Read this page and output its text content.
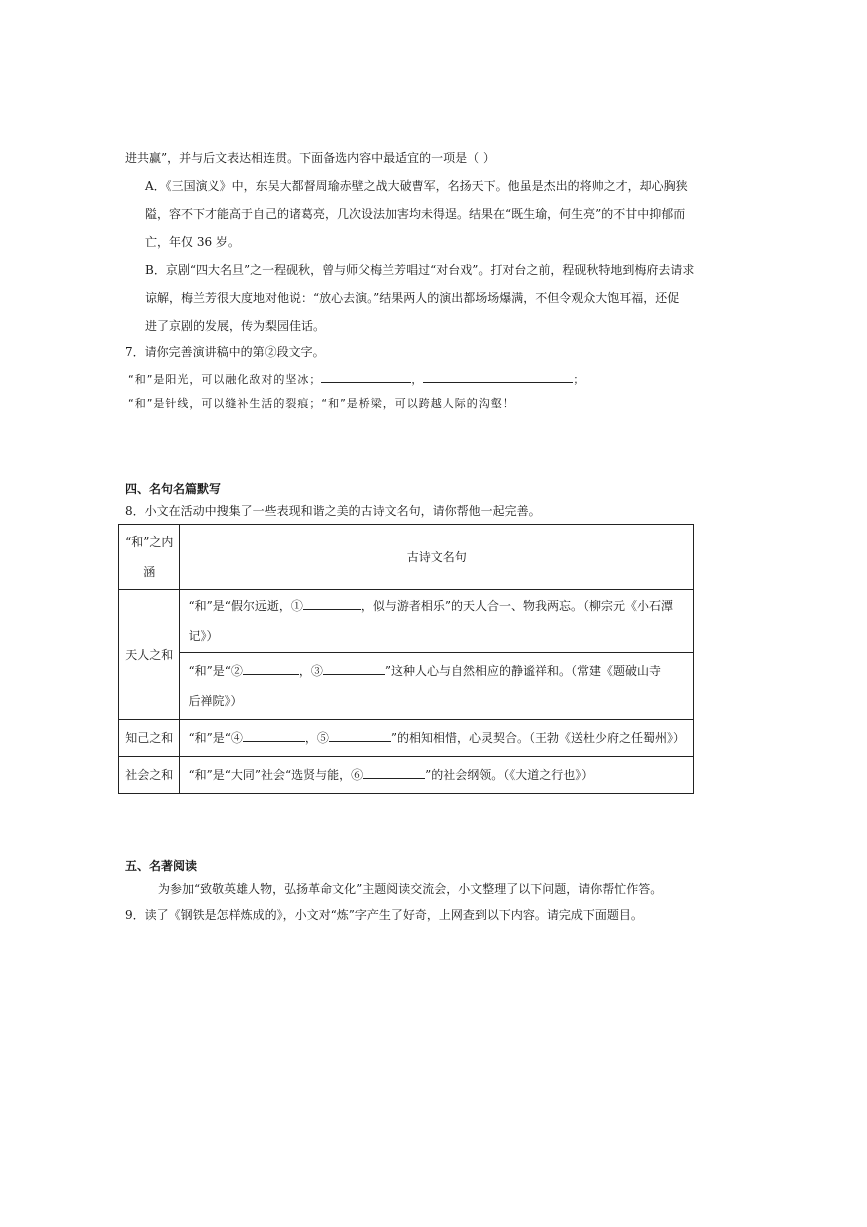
进共赢”，并与后文表达相连贯。下面备选内容中最适宜的一项是（ ）
A．《三国演义》中，东吴大都督周瑜赤壁之战大破曹军，名扬天下。他虽是杰出的将帅之才，却心胸狭
隘，容不下才能高于自己的诸葛亮，几次设法加害均未得逞。结果在“既生瑜，何生亮”的不甘中抑郁而
亡，年仅 36 岁。
B．京剧“四大名旦”之一程砚秋，曾与师父梅兰芳唱过“对台戏”。打对台之前，程砚秋特地到梅府去请求
谅解，梅兰芳很大度地对他说：“放心去演。”结果两人的演出都场场爆满，不但令观众大饱耳福，还促
进了京剧的发展，传为梨园佳话。
7．请你完善演讲稿中的第②段文字。
“和”是阳光，可以融化敌对的坚冰；	，	；
“和”是针线，可以缝补生活的裂痕；“和”是桥梁，可以跨越人际的沟壑！
四、名句名篇默写
8．小文在活动中搜集了一些表现和谐之美的古诗文名句，请你帮他一起完善。
“和”之内
涵	古诗文名句
天人之和	“和”是“假尔远逝，① ，似与游者相乐”的天人合一、物我两忘。（柳宗元《小石潭
记》）

	“和”是“② ，③ ”这种人心与自然相应的静谧祥和。（常建《题破山寺
后禅院》）

知己之和	“和”是“④ ，⑤ ”的相知相惜，心灵契合。（王勃《送杜少府之任蜀州》）

社会之和	“和”是“大同”社会“选贤与能，⑥ ”的社会纲领。（《大道之行也》）
五、名著阅读
为参加“致敬英雄人物，弘扬革命文化”主题阅读交流会，小文整理了以下问题，请你帮忙作答。
9．读了《钢铁是怎样炼成的》，小文对“炼”字产生了好奇，上网查到以下内容。请完成下面题目。
